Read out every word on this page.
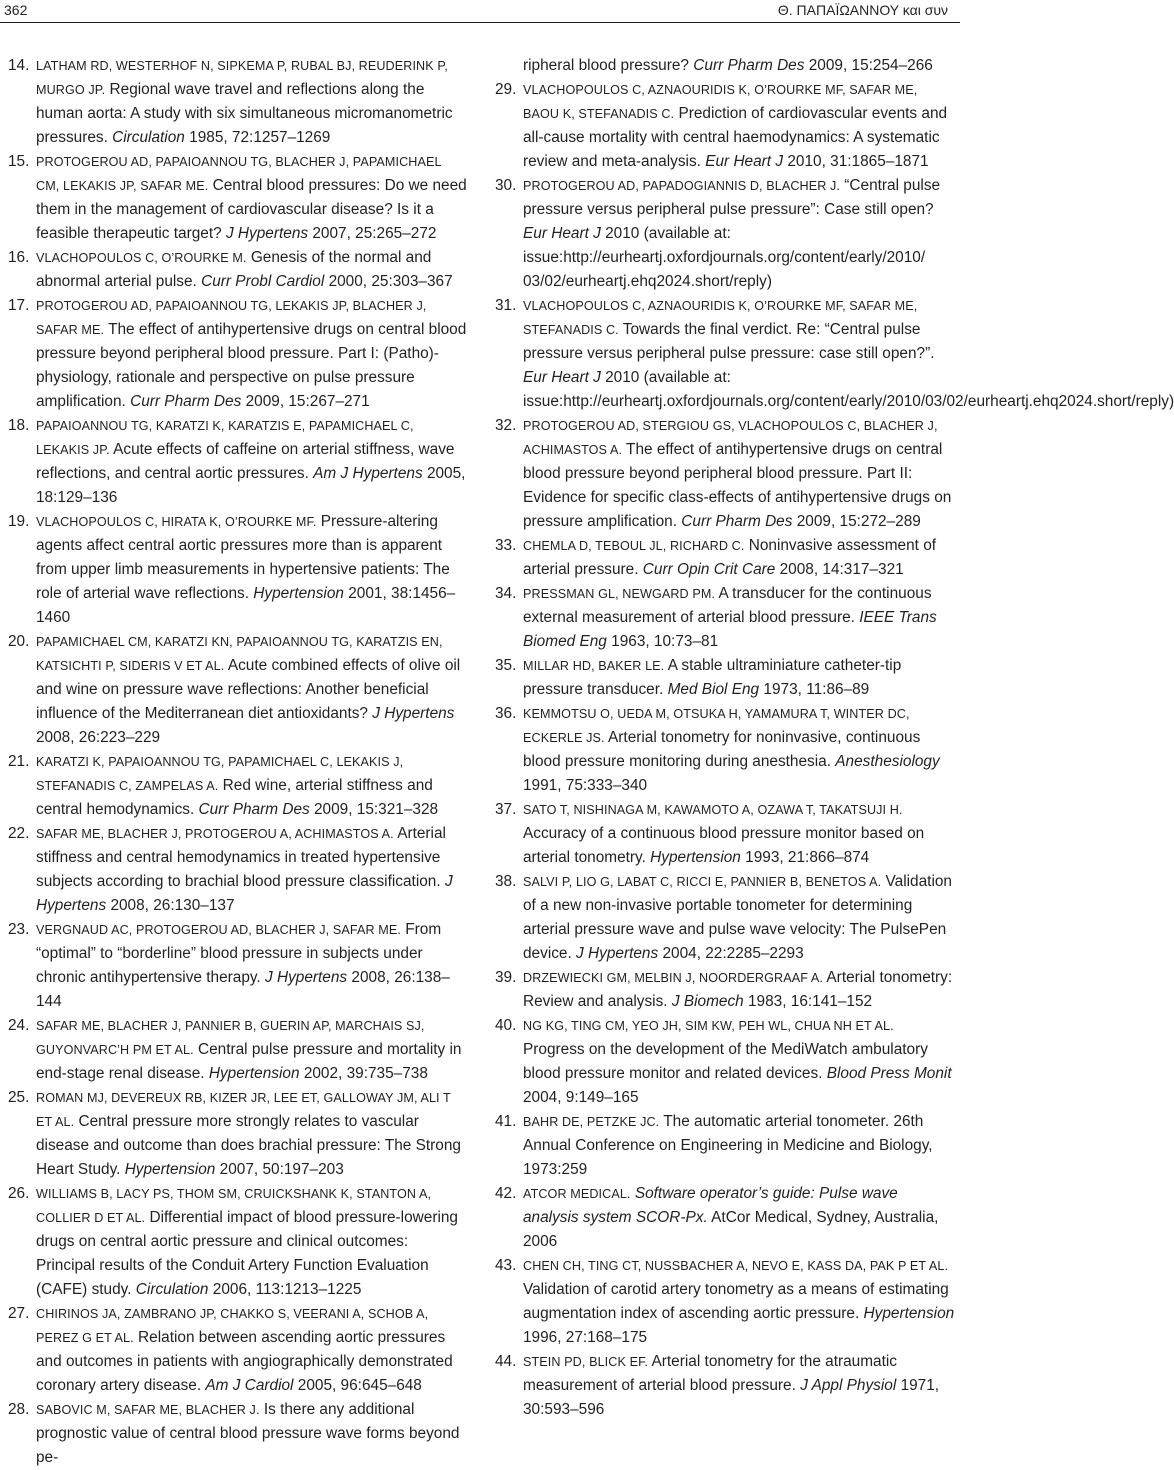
362	Θ. ΠΑΠΑΪΩΑΝΝΟΥ και συν
14. LATHAM RD, WESTERHOF N, SIPKEMA P, RUBAL BJ, REUDERINK P, MURGO JP. Regional wave travel and reflections along the human aorta: A study with six simultaneous micromanometric pressures. Circulation 1985, 72:1257–1269
15. PROTOGEROU AD, PAPAIOANNOU TG, BLACHER J, PAPAMICHAEL CM, LEKAKIS JP, SAFAR ME. Central blood pressures: Do we need them in the management of cardiovascular disease? Is it a feasible therapeutic target? J Hypertens 2007, 25:265–272
16. VLACHOPOULOS C, O’ROURKE M. Genesis of the normal and abnormal arterial pulse. Curr Probl Cardiol 2000, 25:303–367
17. PROTOGEROU AD, PAPAIOANNOU TG, LEKAKIS JP, BLACHER J, SAFAR ME. The effect of antihypertensive drugs on central blood pressure beyond peripheral blood pressure. Part I: (Patho)-physiology, rationale and perspective on pulse pressure amplification. Curr Pharm Des 2009, 15:267–271
18. PAPAIOANNOU TG, KARATZI K, KARATZIS E, PAPAMICHAEL C, LEKAKIS JP. Acute effects of caffeine on arterial stiffness, wave reflections, and central aortic pressures. Am J Hypertens 2005, 18:129–136
19. VLACHOPOULOS C, HIRATA K, O’ROURKE MF. Pressure-altering agents affect central aortic pressures more than is apparent from upper limb measurements in hypertensive patients: The role of arterial wave reflections. Hypertension 2001, 38:1456–1460
20. PAPAMICHAEL CM, KARATZI KN, PAPAIOANNOU TG, KARATZIS EN, KATSICHTI P, SIDERIS V ET AL. Acute combined effects of olive oil and wine on pressure wave reflections: Another beneficial influence of the Mediterranean diet antioxidants? J Hypertens 2008, 26:223–229
21. KARATZI K, PAPAIOANNOU TG, PAPAMICHAEL C, LEKAKIS J, STEFANADIS C, ZAMPELAS A. Red wine, arterial stiffness and central hemodynamics. Curr Pharm Des 2009, 15:321–328
22. SAFAR ME, BLACHER J, PROTOGEROU A, ACHIMASTOS A. Arterial stiffness and central hemodynamics in treated hypertensive subjects according to brachial blood pressure classification. J Hypertens 2008, 26:130–137
23. VERGNAUD AC, PROTOGEROU AD, BLACHER J, SAFAR ME. From “optimal” to “borderline” blood pressure in subjects under chronic antihypertensive therapy. J Hypertens 2008, 26:138–144
24. SAFAR ME, BLACHER J, PANNIER B, GUERIN AP, MARCHAIS SJ, GUYONVARC’H PM ET AL. Central pulse pressure and mortality in end-stage renal disease. Hypertension 2002, 39:735–738
25. ROMAN MJ, DEVEREUX RB, KIZER JR, LEE ET, GALLOWAY JM, ALI T ET AL. Central pressure more strongly relates to vascular disease and outcome than does brachial pressure: The Strong Heart Study. Hypertension 2007, 50:197–203
26. WILLIAMS B, LACY PS, THOM SM, CRUICKSHANK K, STANTON A, COLLIER D ET AL. Differential impact of blood pressure-lowering drugs on central aortic pressure and clinical outcomes: Principal results of the Conduit Artery Function Evaluation (CAFE) study. Circulation 2006, 113:1213–1225
27. CHIRINOS JA, ZAMBRANO JP, CHAKKO S, VEERANI A, SCHOB A, PEREZ G ET AL. Relation between ascending aortic pressures and outcomes in patients with angiographically demonstrated coronary artery disease. Am J Cardiol 2005, 96:645–648
28. SABOVIC M, SAFAR ME, BLACHER J. Is there any additional prognostic value of central blood pressure wave forms beyond pe-
ripheral blood pressure? Curr Pharm Des 2009, 15:254–266
29. VLACHOPOULOS C, AZNAOURIDIS K, O’ROURKE MF, SAFAR ME, BAOU K, STEFANADIS C. Prediction of cardiovascular events and all-cause mortality with central haemodynamics: A systematic review and meta-analysis. Eur Heart J 2010, 31:1865–1871
30. PROTOGEROU AD, PAPADOGIANNIS D, BLACHER J. “Central pulse pressure versus peripheral pulse pressure”: Case still open? Eur Heart J 2010 (available at: issue:http://eurheartj.oxfordjournals.org/content/early/2010/ 03/02/eurheartj.ehq2024.short/reply)
31. VLACHOPOULOS C, AZNAOURIDIS K, O’ROURKE MF, SAFAR ME, STEFANADIS C. Towards the final verdict. Re: “Central pulse pressure versus peripheral pulse pressure: case still open?”. Eur Heart J 2010 (available at: issue:http://eurheartj.oxfordjournals.org/content/early/2010/03/02/eurheartj.ehq2024.short/reply)
32. PROTOGEROU AD, STERGIOU GS, VLACHOPOULOS C, BLACHER J, ACHIMASTOS A. The effect of antihypertensive drugs on central blood pressure beyond peripheral blood pressure. Part II: Evidence for specific class-effects of antihypertensive drugs on pressure amplification. Curr Pharm Des 2009, 15:272–289
33. CHEMLA D, TEBOUL JL, RICHARD C. Noninvasive assessment of arterial pressure. Curr Opin Crit Care 2008, 14:317–321
34. PRESSMAN GL, NEWGARD PM. A transducer for the continuous external measurement of arterial blood pressure. IEEE Trans Biomed Eng 1963, 10:73–81
35. MILLAR HD, BAKER LE. A stable ultraminiature catheter-tip pressure transducer. Med Biol Eng 1973, 11:86–89
36. KEMMOTSU O, UEDA M, OTSUKA H, YAMAMURA T, WINTER DC, ECKERLE JS. Arterial tonometry for noninvasive, continuous blood pressure monitoring during anesthesia. Anesthesiology 1991, 75:333–340
37. SATO T, NISHINAGA M, KAWAMOTO A, OZAWA T, TAKATSUJI H. Accuracy of a continuous blood pressure monitor based on arterial tonometry. Hypertension 1993, 21:866–874
38. SALVI P, LIO G, LABAT C, RICCI E, PANNIER B, BENETOS A. Validation of a new non-invasive portable tonometer for determining arterial pressure wave and pulse wave velocity: The PulsePen device. J Hypertens 2004, 22:2285–2293
39. DRZEWIECKI GM, MELBIN J, NOORDERGRAAF A. Arterial tonometry: Review and analysis. J Biomech 1983, 16:141–152
40. NG KG, TING CM, YEO JH, SIM KW, PEH WL, CHUA NH ET AL. Progress on the development of the MediWatch ambulatory blood pressure monitor and related devices. Blood Press Monit 2004, 9:149–165
41. BAHR DE, PETZKE JC. The automatic arterial tonometer. 26th Annual Conference on Engineering in Medicine and Biology, 1973:259
42. ATCOR MEDICAL. Software operator’s guide: Pulse wave analysis system SCOR-Px. AtCor Medical, Sydney, Australia, 2006
43. CHEN CH, TING CT, NUSSBACHER A, NEVO E, KASS DA, PAK P ET AL. Validation of carotid artery tonometry as a means of estimating augmentation index of ascending aortic pressure. Hypertension 1996, 27:168–175
44. STEIN PD, BLICK EF. Arterial tonometry for the atraumatic measurement of arterial blood pressure. J Appl Physiol 1971, 30:593–596
